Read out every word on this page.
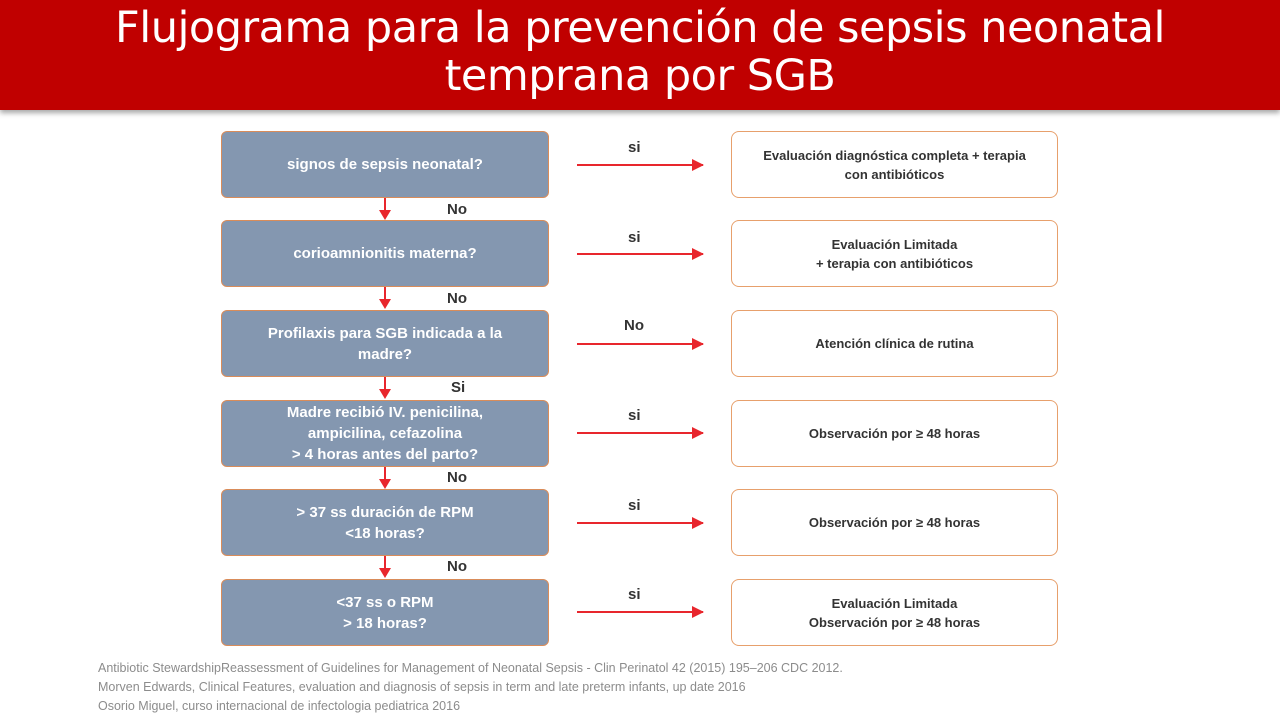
Flujograma para la prevención de sepsis neonatal
temprana por SGB
signos de sepsis neonatal?
si	Evaluación diagnóstica completa + terapia
con antibióticos
No
corioamnionitis materna?
si	Evaluación Limitada
+ terapia con antibióticos
No
Profilaxis para SGB indicada a la
madre?
No
Atención clínica de rutina
Si
Madre recibió IV. penicilina,
ampicilina, cefazolina
> 4 horas antes del parto?
si
Observación por ≥ 48 horas
No
> 37 ss duración de RPM
<18 horas?
si
Observación por ≥ 48 horas
No
<37 ss o RPM
> 18 horas?
si	Evaluación Limitada
Observación por ≥ 48 horas
Antibiotic StewardshipReassessment of Guidelines for Management of Neonatal Sepsis - Clin Perinatol 42 (2015) 195–206 CDC 2012.
Morven Edwards, Clinical Features, evaluation and diagnosis of sepsis in term and late preterm infants, up date 2016
Osorio Miguel, curso internacional de infectologia pediatrica 2016
